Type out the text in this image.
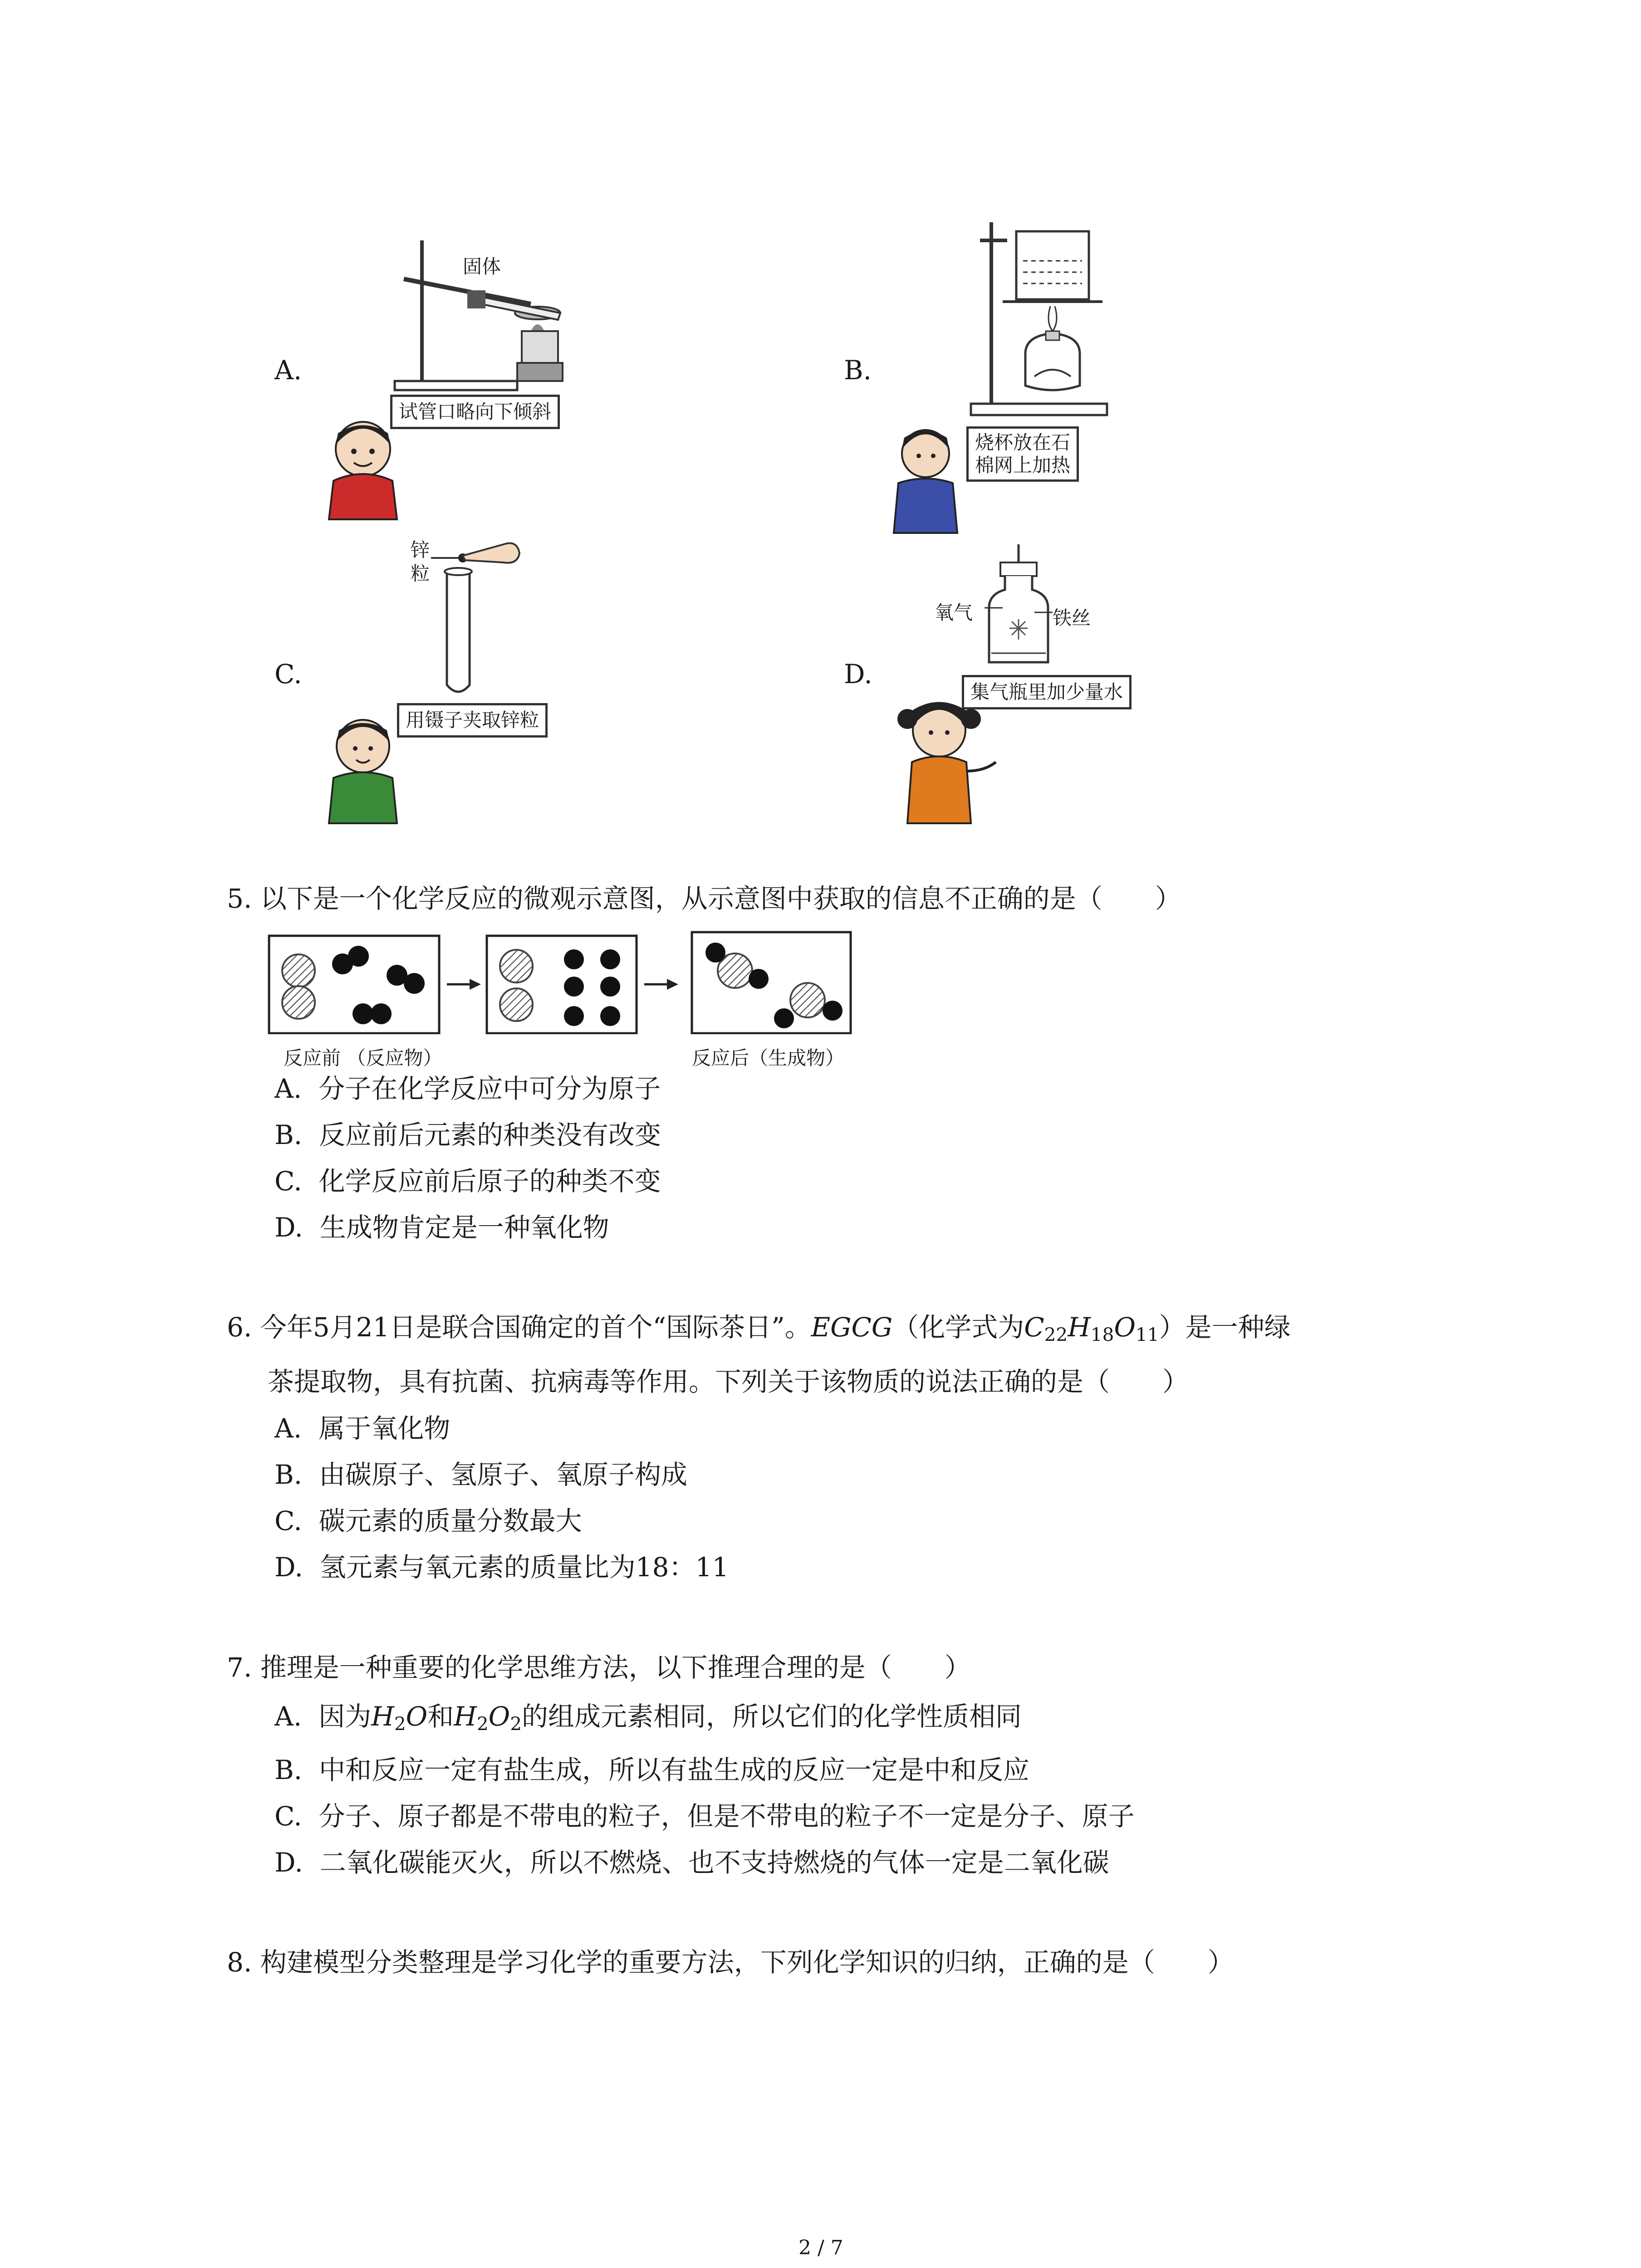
A.
固体
试管口略向下倾斜
B.
烧杯放在石
棉网上加热
C.
锌
粒
用镊子夹取锌粒
D.
氧气	铁丝
集气瓶里加少量水
5. 以下是一个化学反应的微观示意图，从示意图中获取的信息不正确的是（　　）
反应前 （反应物）	反应后（生成物）
A. 分子在化学反应中可分为原子
B. 反应前后元素的种类没有改变
C. 化学反应前后原子的种类不变
D. 生成物肯定是一种氧化物
6. 今年5月21日是联合国确定的首个“国际茶日”。EGCG（化学式为$C_{22}H_{18}O_{11}$）是一种绿
茶提取物，具有抗菌、抗病毒等作用。下列关于该物质的说法正确的是（　　）
A. 属于氧化物
B. 由碳原子、氢原子、氧原子构成
C. 碳元素的质量分数最大
D. 氢元素与氧元素的质量比为18：11
7. 推理是一种重要的化学思维方法，以下推理合理的是（　　）
A. 因为$H_2O$和$H_2O_2$的组成元素相同，所以它们的化学性质相同
B. 中和反应一定有盐生成，所以有盐生成的反应一定是中和反应
C. 分子、原子都是不带电的粒子，但是不带电的粒子不一定是分子、原子
D. 二氧化碳能灭火，所以不燃烧、也不支持燃烧的气体一定是二氧化碳
8. 构建模型分类整理是学习化学的重要方法，下列化学知识的归纳，正确的是（　　）
2 / 7
